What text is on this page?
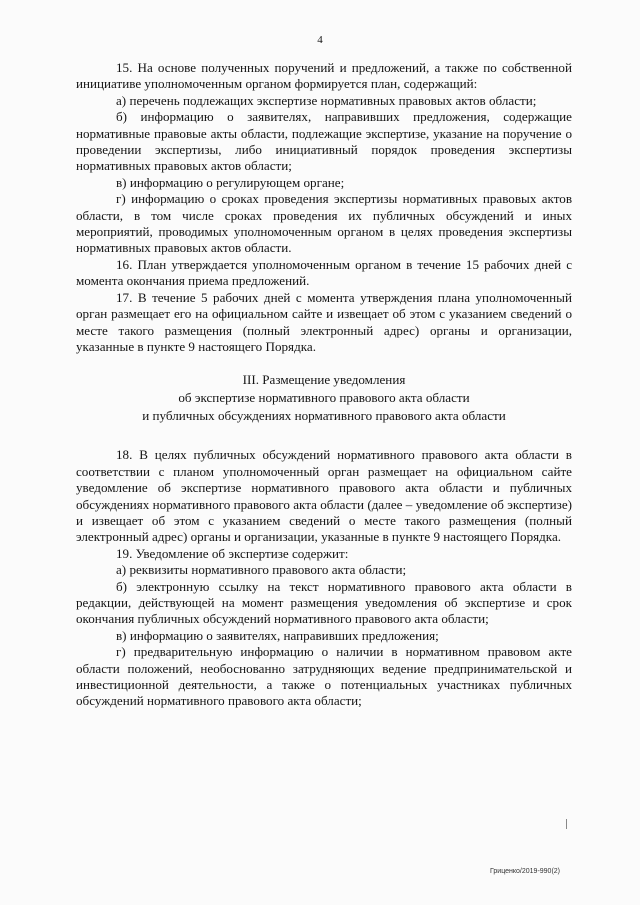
4

15. На основе полученных поручений и предложений, а также по собственной инициативе уполномоченным органом формируется план, содержащий:

а) перечень подлежащих экспертизе нормативных правовых актов области;

б) информацию о заявителях, направивших предложения, содержащие нормативные правовые акты области, подлежащие экспертизе, указание на поручение о проведении экспертизы, либо инициативный порядок проведения экспертизы нормативных правовых актов области;

в) информацию о регулирующем органе;

г) информацию о сроках проведения экспертизы нормативных правовых актов области, в том числе сроках проведения их публичных обсуждений и иных мероприятий, проводимых уполномоченным органом в целях проведения экспертизы нормативных правовых актов области.

16. План утверждается уполномоченным органом в течение 15 рабочих дней с момента окончания приема предложений.

17. В течение 5 рабочих дней с момента утверждения плана уполномоченный орган размещает его на официальном сайте и извещает об этом с указанием сведений о месте такого размещения (полный электронный адрес) органы и организации, указанные в пункте 9 настоящего Порядка.

III. Размещение уведомления
об экспертизе нормативного правового акта области
и публичных обсуждениях нормативного правового акта области

18. В целях публичных обсуждений нормативного правового акта области в соответствии с планом уполномоченный орган размещает на официальном сайте уведомление об экспертизе нормативного правового акта области и публичных обсуждениях нормативного правового акта области (далее – уведомление об экспертизе) и извещает об этом с указанием сведений о месте такого размещения (полный электронный адрес) органы и организации, указанные в пункте 9 настоящего Порядка.

19. Уведомление об экспертизе содержит:

а) реквизиты нормативного правового акта области;

б) электронную ссылку на текст нормативного правового акта области в редакции, действующей на момент размещения уведомления об экспертизе и срок окончания публичных обсуждений нормативного правового акта области;

в) информацию о заявителях, направивших предложения;

г) предварительную информацию о наличии в нормативном правовом акте области положений, необоснованно затрудняющих ведение предпринимательской и инвестиционной деятельности, а также о потенциальных участниках публичных обсуждений нормативного правового акта области;

Гриценко/2019-990(2)
